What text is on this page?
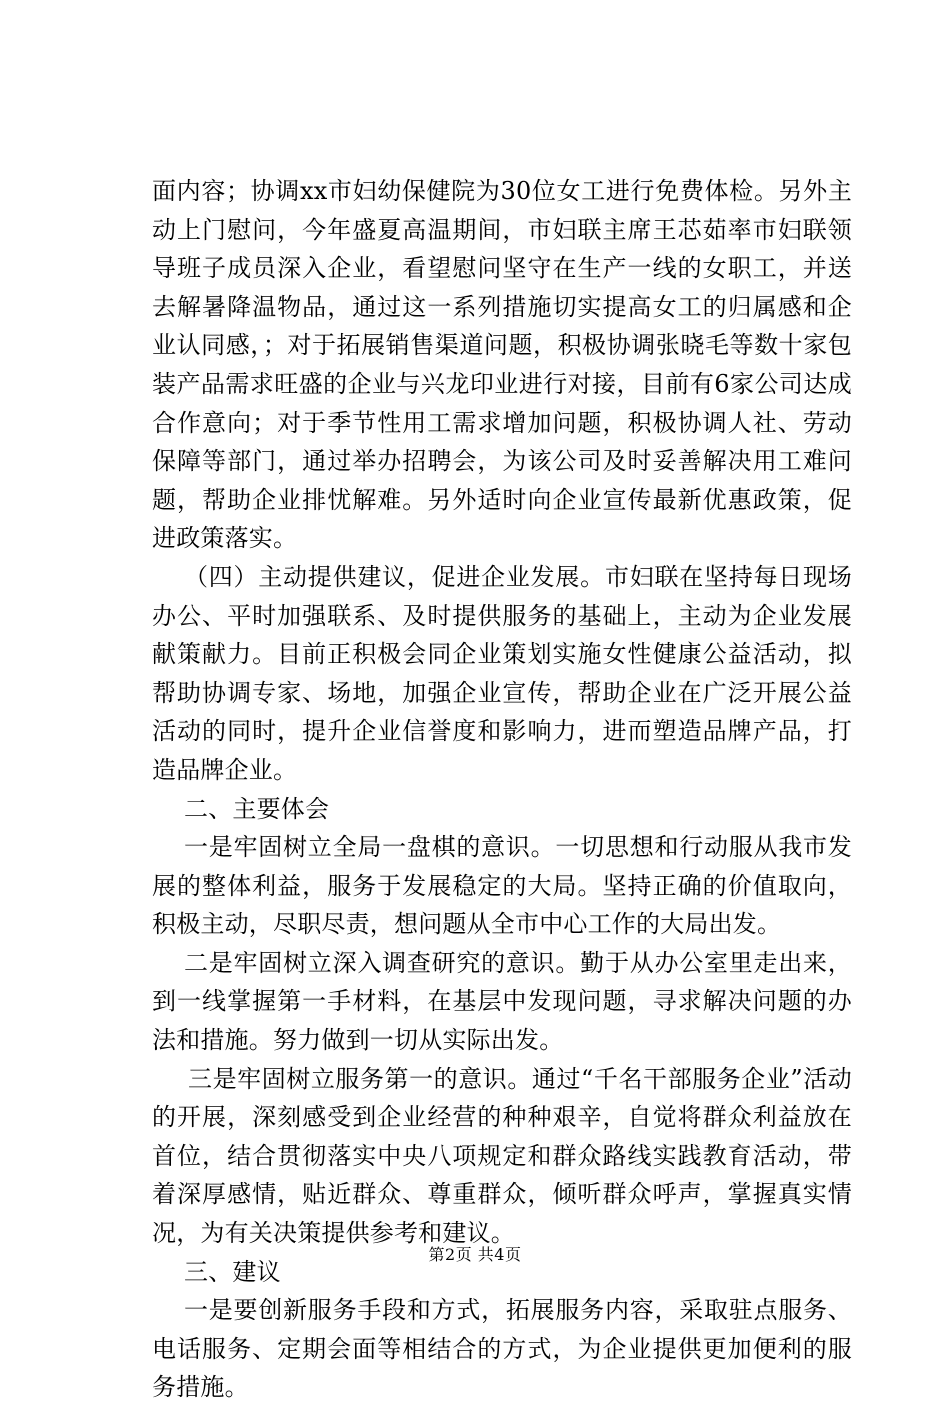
面内容；协调xx市妇幼保健院为30位女工进行免费体检。另外主动上门慰问，今年盛夏高温期间，市妇联主席王芯茹率市妇联领导班子成员深入企业，看望慰问坚守在生产一线的女职工，并送去解暑降温物品，通过这一系列措施切实提高女工的归属感和企业认同感，；对于拓展销售渠道问题，积极协调张晓毛等数十家包装产品需求旺盛的企业与兴龙印业进行对接，目前有6家公司达成合作意向；对于季节性用工需求增加问题，积极协调人社、劳动保障等部门，通过举办招聘会，为该公司及时妥善解决用工难问题，帮助企业排忧解难。另外适时向企业宣传最新优惠政策，促进政策落实。

（四）主动提供建议，促进企业发展。市妇联在坚持每日现场办公、平时加强联系、及时提供服务的基础上，主动为企业发展献策献力。目前正积极会同企业策划实施女性健康公益活动，拟帮助协调专家、场地，加强企业宣传，帮助企业在广泛开展公益活动的同时，提升企业信誉度和影响力，进而塑造品牌产品，打造品牌企业。

二、主要体会

一是牢固树立全局一盘棋的意识。一切思想和行动服从我市发展的整体利益，服务于发展稳定的大局。坚持正确的价值取向，积极主动，尽职尽责，想问题从全市中心工作的大局出发。

二是牢固树立深入调查研究的意识。勤于从办公室里走出来，到一线掌握第一手材料，在基层中发现问题，寻求解决问题的办法和措施。努力做到一切从实际出发。

三是牢固树立服务第一的意识。通过“千名干部服务企业”活动的开展，深刻感受到企业经营的种种艰辛，自觉将群众利益放在首位，结合贯彻落实中央八项规定和群众路线实践教育活动，带着深厚感情，贴近群众、尊重群众，倾听群众呼声，掌握真实情况，为有关决策提供参考和建议。

三、建议

一是要创新服务手段和方式，拓展服务内容，采取驻点服务、电话服务、定期会面等相结合的方式，为企业提供更加便利的服务措施。

第2页 共4页
